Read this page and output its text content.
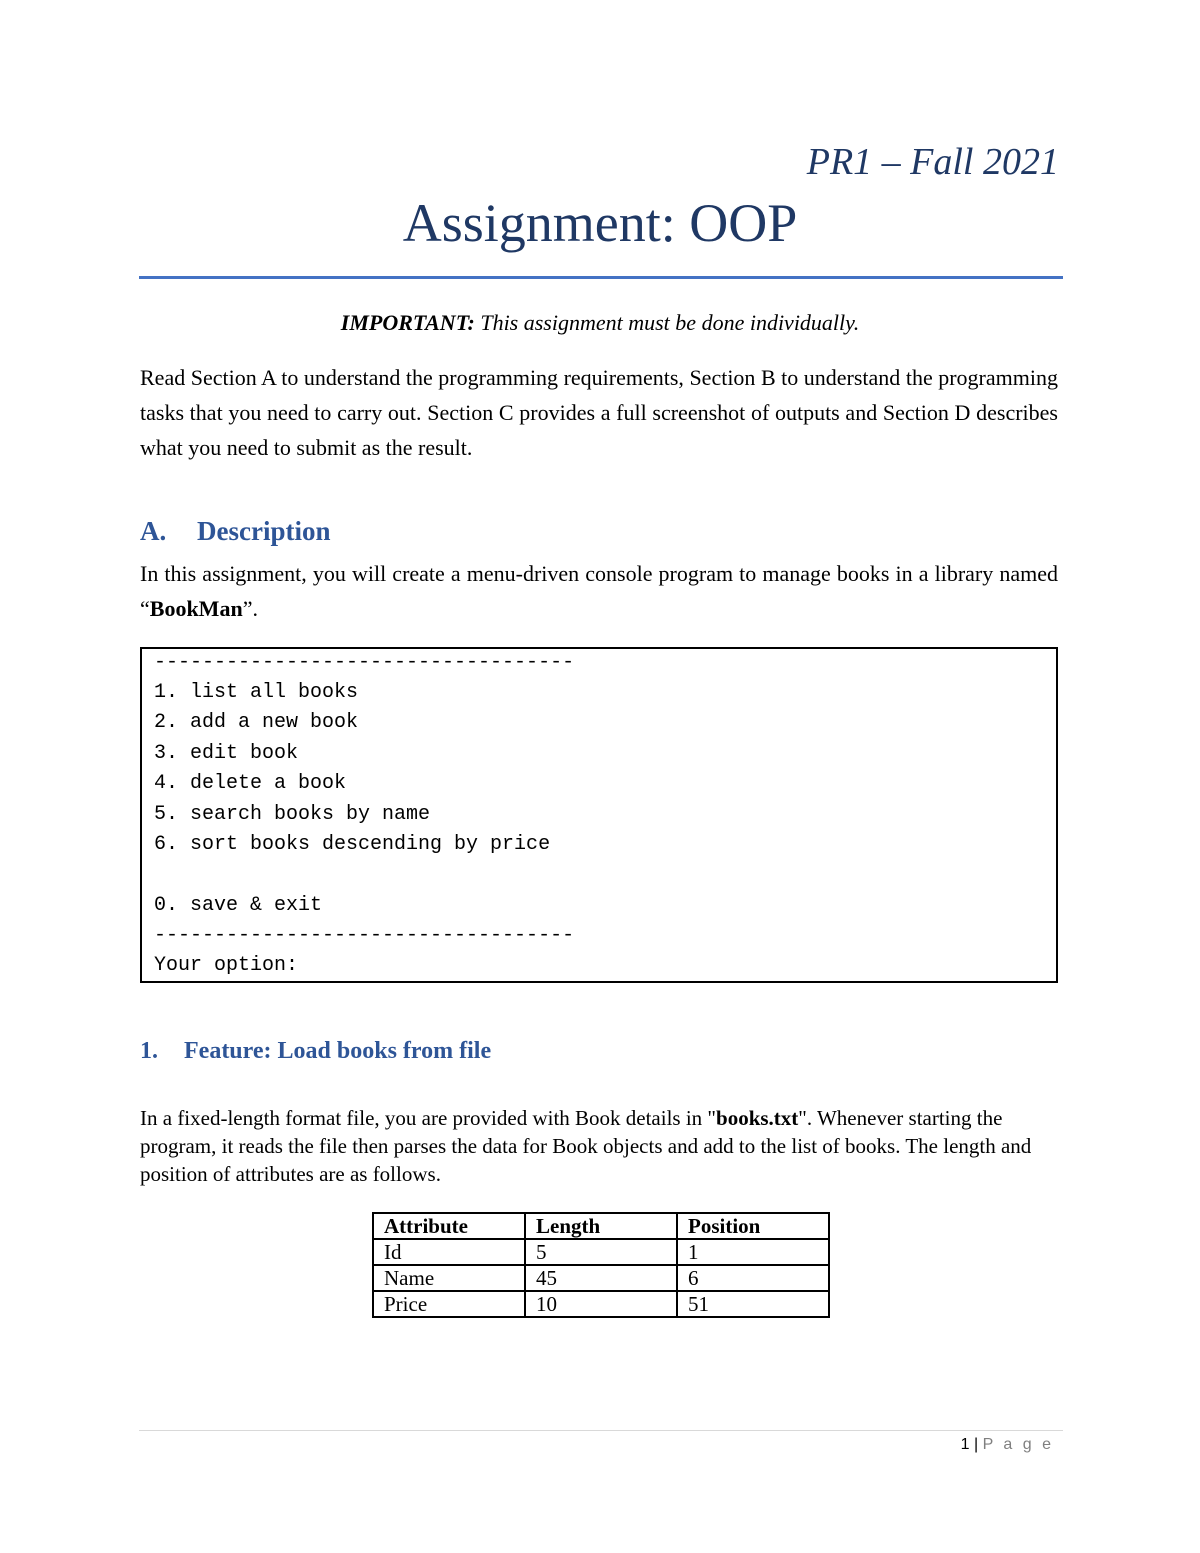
PR1 – Fall 2021
Assignment: OOP
IMPORTANT: This assignment must be done individually.
Read Section A to understand the programming requirements, Section B to understand the programming tasks that you need to carry out. Section C provides a full screenshot of outputs and Section D describes what you need to submit as the result.
A. Description
In this assignment, you will create a menu-driven console program to manage books in a library named “BookMan”.
-----------------------------------
1. list all books
2. add a new book
3. edit book
4. delete a book
5. search books by name
6. sort books descending by price
0. save & exit
-----------------------------------
Your option:
1. Feature: Load books from file
In a fixed-length format file, you are provided with Book details in "books.txt". Whenever starting the program, it reads the file then parses the data for Book objects and add to the list of books. The length and position of attributes are as follows.
Attribute	Length	Position
Id	5	1
Name	45	6
Price	10	51
1 | P a g e
